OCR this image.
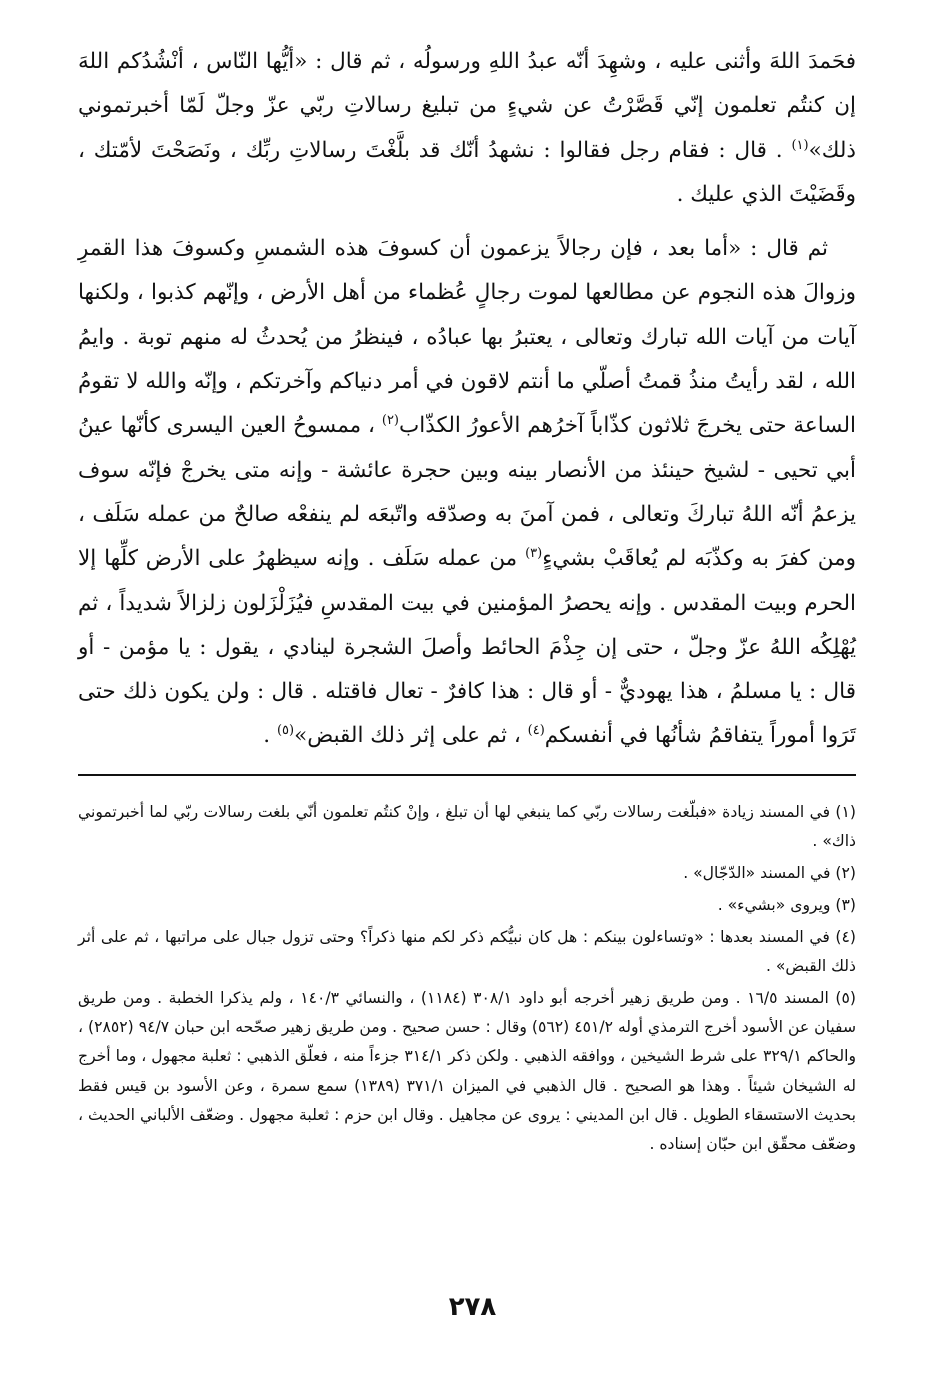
فحَمدَ اللهَ وأثنى عليه ، وشهِدَ أنّه عبدُ اللهِ ورسولُه ، ثم قال : «أيُّها النّاس ، أنْشُدُكم اللهَ إن كنتُم تعلمون إنّي قَصَّرْتُ عن شيءٍ من تبليغ رسالاتِ ربّي عزّ وجلّ لَمّا أخبرتموني ذلك»$^{(١)}$ . قال : فقام رجل فقالوا : نشهدُ أنّك قد بلَّغْتَ رسالاتِ ربِّك ، ونَصَحْتَ لأمّتك ، وقَضَيْتَ الذي عليك .

ثم قال : «أما بعد ، فإن رجالاً يزعمون أن كسوفَ هذه الشمسِ وكسوفَ هذا القمرِ وزوالَ هذه النجوم عن مطالعها لموت رجالٍ عُظماء من أهل الأرض ، وإنّهم كذبوا ، ولكنها آيات من آيات الله تبارك وتعالى ، يعتبرُ بها عبادُه ، فينظرُ من يُحدثُ له منهم توبة . وايمُ الله ، لقد رأيتُ منذُ قمتُ أصلّي ما أنتم لاقون في أمر دنياكم وآخرتكم ، وإنّه والله لا تقومُ الساعة حتى يخرجَ ثلاثون كذّاباً آخرُهم الأعورُ الكذّاب$^{(٢)}$ ، ممسوحُ العين اليسرى كأنّها عينُ أبي تحيى - لشيخ حينئذ من الأنصار بينه وبين حجرة عائشة - وإنه متى يخرجْ فإنّه سوف يزعمُ أنّه اللهُ تباركَ وتعالى ، فمن آمنَ به وصدّقه واتّبعَه لم ينفعْه صالحٌ من عمله سَلَف ، ومن كفرَ به وكذّبَه لم يُعاقَبْ بشيءٍ$^{(٣)}$ من عمله سَلَف . وإنه سيظهرُ على الأرض كلِّها إلا الحرم وبيت المقدس . وإنه يحصرُ المؤمنين في بيت المقدسِ فيُزَلْزَلون زلزالاً شديداً ، ثم يُهْلِكُه اللهُ عزّ وجلّ ، حتى إن جِذْمَ الحائط وأصلَ الشجرة لينادي ، يقول : يا مؤمن - أو قال : يا مسلمُ ، هذا يهوديٌّ - أو قال : هذا كافرٌ - تعال فاقتله . قال : ولن يكون ذلك حتى تَرَوا أموراً يتفاقمُ شأنُها في أنفسكم$^{(٤)}$ ، ثم على إثر ذلك القبض»$^{(٥)}$ .

(١) في المسند زيادة «فبلّغت رسالات ربّي كما ينبغي لها أن تبلغ ، وإنْ كنتُم تعلمون أنّي بلغت رسالات ربّي لما أخبرتموني ذاك» .

(٢) في المسند «الدّجّال» .

(٣) ويروى «بشيء» .

(٤) في المسند بعدها : «وتساءلون بينكم : هل كان نبيُّكم ذكر لكم منها ذكراً؟ وحتى تزول جبال على مراتبها ، ثم على أثر ذلك القبض» .

(٥) المسند ١٦/٥ . ومن طريق زهير أخرجه أبو داود ٣٠٨/١ (١١٨٤) ، والنسائي ١٤٠/٣ ، ولم يذكرا الخطبة . ومن طريق سفيان عن الأسود أخرج الترمذي أوله ٤٥١/٢ (٥٦٢) وقال : حسن صحيح . ومن طريق زهير صحّحه ابن حبان ٩٤/٧ (٢٨٥٢) ، والحاكم ٣٢٩/١ على شرط الشيخين ، ووافقه الذهبي . ولكن ذكر ٣١٤/١ جزءاً منه ، فعلّق الذهبي : ثعلبة مجهول ، وما أخرج له الشيخان شيئاً . وهذا هو الصحيح . قال الذهبي في الميزان ٣٧١/١ (١٣٨٩) سمع سمرة ، وعن الأسود بن قيس فقط بحديث الاستسقاء الطويل . قال ابن المديني : يروى عن مجاهيل . وقال ابن حزم : ثعلبة مجهول . وضعّف الألباني الحديث ، وضعّف محقّق ابن حبّان إسناده .

٢٧٨
